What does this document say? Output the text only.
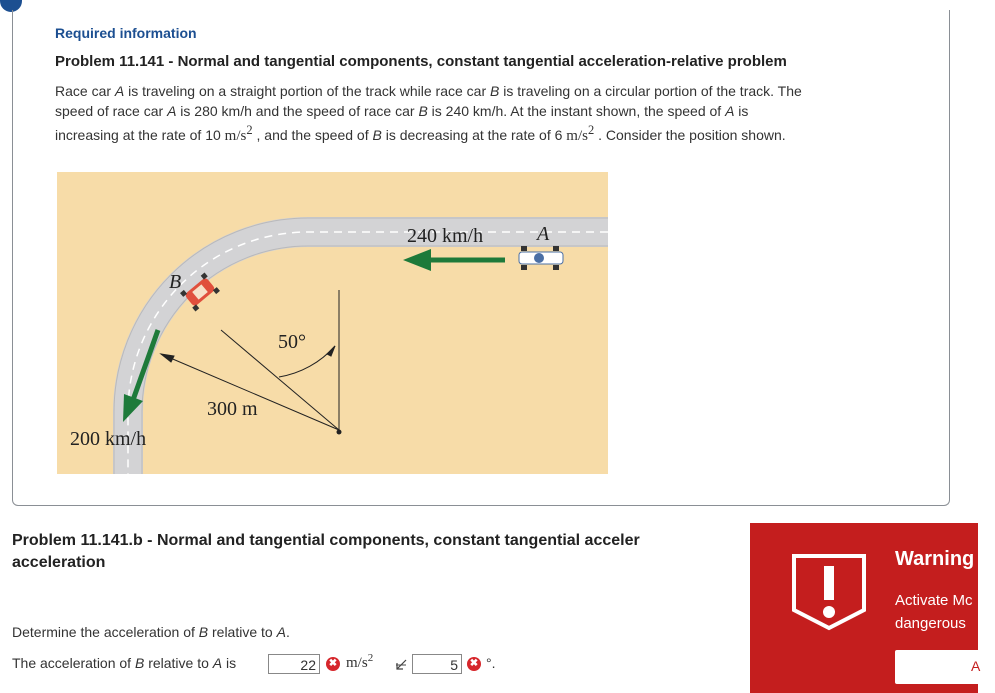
Required information
Problem 11.141 - Normal and tangential components, constant tangential acceleration-relative problem
Race car A is traveling on a straight portion of the track while race car B is traveling on a circular portion of the track. The
speed of race car A is 280 km/h and the speed of race car B is 240 km/h. At the instant shown, the speed of A is
increasing at the rate of 10 $m/s^2$ , and the speed of B is decreasing at the rate of 6 $m/s^2$ . Consider the position shown.
240 km/h	A
B
50°
300 m
200 km/h
Problem 11.141.b - Normal and tangential components, constant tangential acceler
acceleration
Determine the acceleration of B relative to A.
The acceleration of B relative to A is	22	✖ $m/s^2$	5	✖ °.
Warning
Activate Mc
dangerous
A
